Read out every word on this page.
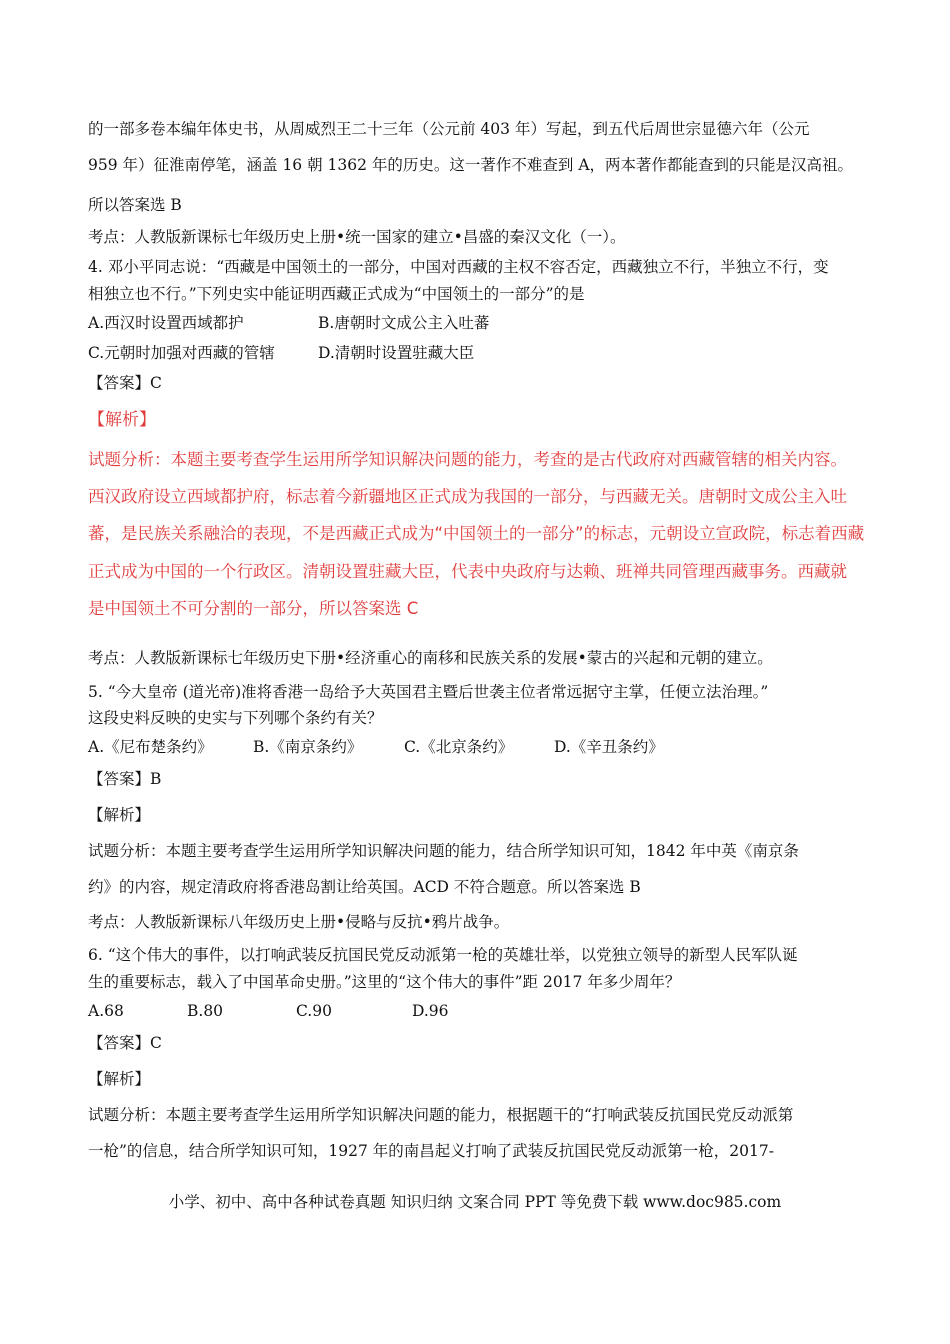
的一部多卷本编年体史书，从周威烈王二十三年（公元前 403 年）写起，到五代后周世宗显德六年（公元
959 年）征淮南停笔，涵盖 16 朝 1362 年的历史。这一著作不难查到 A，两本著作都能查到的只能是汉高祖。
所以答案选 B
考点：人教版新课标七年级历史上册•统一国家的建立•昌盛的秦汉文化（一）。
4. 邓小平同志说：“西藏是中国领土的一部分，中国对西藏的主权不容否定，西藏独立不行，半独立不行，变
相独立也不行。”下列史实中能证明西藏正式成为“中国领土的一部分”的是
A.西汉时设置西域都护	B.唐朝时文成公主入吐蕃
C.元朝时加强对西藏的管辖	D.清朝时设置驻藏大臣
【答案】C
【解析】
试题分析：本题主要考查学生运用所学知识解决问题的能力，考查的是古代政府对西藏管辖的相关内容。
西汉政府设立西域都护府，标志着今新疆地区正式成为我国的一部分，与西藏无关。唐朝时文成公主入吐
蕃，是民族关系融洽的表现，不是西藏正式成为“中国领土的一部分”的标志，元朝设立宣政院，标志着西藏
正式成为中国的一个行政区。清朝设置驻藏大臣，代表中央政府与达赖、班禅共同管理西藏事务。西藏就
是中国领土不可分割的一部分，所以答案选 C
考点：人教版新课标七年级历史下册•经济重心的南移和民族关系的发展•蒙古的兴起和元朝的建立。
5. “今大皇帝 (道光帝)准将香港一岛给予大英国君主暨后世袭主位者常远据守主掌，任便立法治理。”
这段史料反映的史实与下列哪个条约有关？
A.《尼布楚条约》	B.《南京条约》	C.《北京条约》	D.《辛丑条约》
【答案】B
【解析】
试题分析：本题主要考查学生运用所学知识解决问题的能力，结合所学知识可知，1842 年中英《南京条
约》的内容，规定清政府将香港岛割让给英国。ACD 不符合题意。所以答案选 B
考点：人教版新课标八年级历史上册•侵略与反抗•鸦片战争。
6. “这个伟大的事件，以打响武装反抗国民党反动派第一枪的英雄壮举，以党独立领导的新型人民军队诞
生的重要标志，载入了中国革命史册。”这里的“这个伟大的事件”距 2017 年多少周年？
A.68	B.80	C.90	D.96
【答案】C
【解析】
试题分析：本题主要考查学生运用所学知识解决问题的能力，根据题干的“打响武装反抗国民党反动派第
一枪”的信息，结合所学知识可知，1927 年的南昌起义打响了武装反抗国民党反动派第一枪，2017-
小学、初中、高中各种试卷真题 知识归纳 文案合同 PPT 等免费下载 www.doc985.com
